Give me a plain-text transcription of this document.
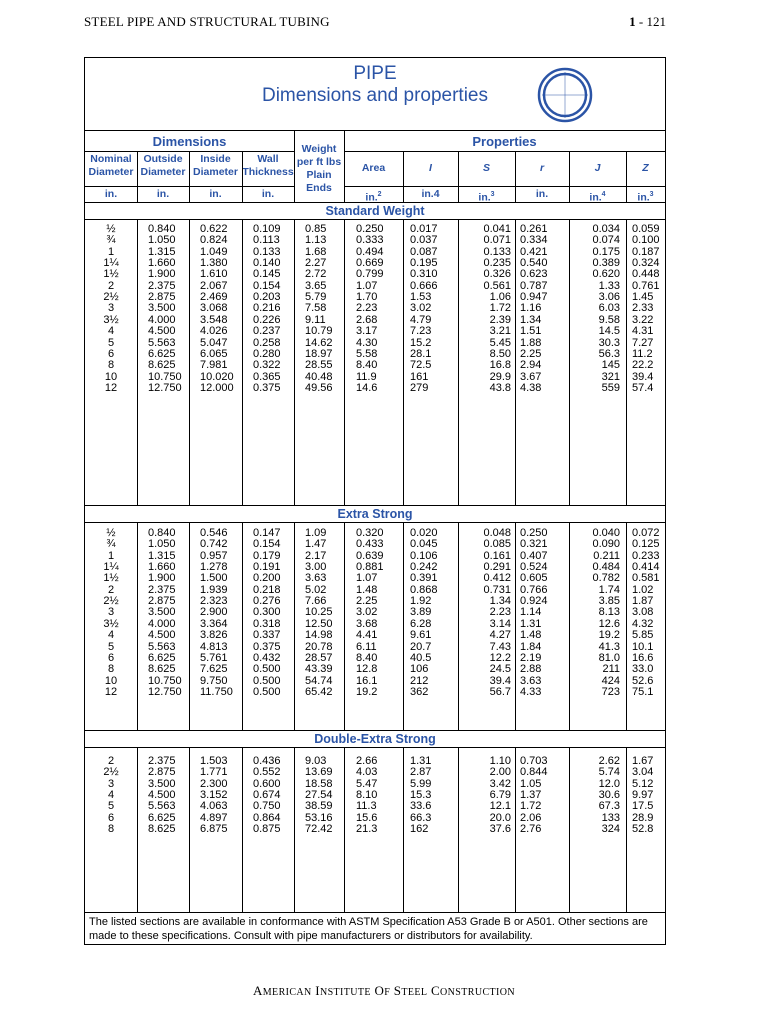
STEEL PIPE AND STRUCTURAL TUBING	1 - 121
PIPE
Dimensions and properties
Dimensions	Properties
Nominal
Diameter
Outside
Diameter
Inside
Diameter
Wall
Thickness
Weight
per ft lbs
Plain
Ends
Area	I	S	r	J	Z
in.	in.	in.	in.	in.$^2$	in.4	in.$^3$	in.	in.$^4$	in.$^3$
Standard Weight
½	0.840	0.622	0.109	0.85	0.250	0.017	0.041 0.261	0.034	0.059
¾	1.050	0.824	0.113	1.13	0.333	0.037	0.071 0.334	0.074	0.100
1	1.315	1.049	0.133	1.68	0.494	0.087	0.133 0.421	0.175	0.187
1¼	1.660	1.380	0.140	2.27	0.669	0.195	0.235 0.540	0.389	0.324
1½	1.900	1.610	0.145	2.72	0.799	0.310	0.326 0.623	0.620	0.448
2	2.375	2.067	0.154	3.65	1.07	0.666	0.561 0.787	1.33	0.761
2½	2.875	2.469	0.203	5.79	1.70	1.53	1.06 0.947	3.06	1.45
3	3.500	3.068	0.216	7.58	2.23	3.02	1.72 1.16	6.03	2.33
3½	4.000	3.548	0.226	9.11	2.68	4.79	2.39 1.34	9.58	3.22
4	4.500	4.026	0.237	10.79	3.17	7.23	3.21 1.51	14.5	4.31
5	5.563	5.047	0.258	14.62	4.30	15.2	5.45 1.88	30.3	7.27
6	6.625	6.065	0.280	18.97	5.58	28.1	8.50 2.25	56.3	11.2
8	8.625	7.981	0.322	28.55	8.40	72.5	16.8 2.94	145	22.2
10	10.750	10.020	0.365	40.48	11.9	161	29.9 3.67	321	39.4
12	12.750	12.000	0.375	49.56	14.6	279	43.8 4.38	559	57.4
Extra Strong
½	0.840	0.546	0.147	1.09	0.320	0.020	0.048 0.250	0.040	0.072
¾	1.050	0.742	0.154	1.47	0.433	0.045	0.085 0.321	0.090	0.125
1	1.315	0.957	0.179	2.17	0.639	0.106	0.161 0.407	0.211	0.233
1¼	1.660	1.278	0.191	3.00	0.881	0.242	0.291 0.524	0.484	0.414
1½	1.900	1.500	0.200	3.63	1.07	0.391	0.412 0.605	0.782	0.581
2	2.375	1.939	0.218	5.02	1.48	0.868	0.731 0.766	1.74	1.02
2½	2.875	2.323	0.276	7.66	2.25	1.92	1.34 0.924	3.85	1.87
3	3.500	2.900	0.300	10.25	3.02	3.89	2.23 1.14	8.13	3.08
3½	4.000	3.364	0.318	12.50	3.68	6.28	3.14 1.31	12.6	4.32
4	4.500	3.826	0.337	14.98	4.41	9.61	4.27 1.48	19.2	5.85
5	5.563	4.813	0.375	20.78	6.11	20.7	7.43 1.84	41.3	10.1
6	6.625	5.761	0.432	28.57	8.40	40.5	12.2 2.19	81.0	16.6
8	8.625	7.625	0.500	43.39	12.8	106	24.5 2.88	211	33.0
10	10.750	9.750	0.500	54.74	16.1	212	39.4 3.63	424	52.6
12	12.750	11.750	0.500	65.42	19.2	362	56.7 4.33	723	75.1
Double-Extra Strong
2	2.375	1.503	0.436	9.03	2.66	1.31	1.10 0.703	2.62	1.67
2½	2.875	1.771	0.552	13.69	4.03	2.87	2.00 0.844	5.74	3.04
3	3.500	2.300	0.600	18.58	5.47	5.99	3.42 1.05	12.0	5.12
4	4.500	3.152	0.674	27.54	8.10	15.3	6.79 1.37	30.6	9.97
5	5.563	4.063	0.750	38.59	11.3	33.6	12.1 1.72	67.3	17.5
6	6.625	4.897	0.864	53.16	15.6	66.3	20.0 2.06	133	28.9
8	8.625	6.875	0.875	72.42	21.3	162	37.6 2.76	324	52.8
The listed sections are available in conformance with ASTM Specification A53 Grade B or A501. Other sections are made to these specifications. Consult with pipe manufacturers or distributors for availability.
AMERICAN INSTITUTE OF STEEL CONSTRUCTION
